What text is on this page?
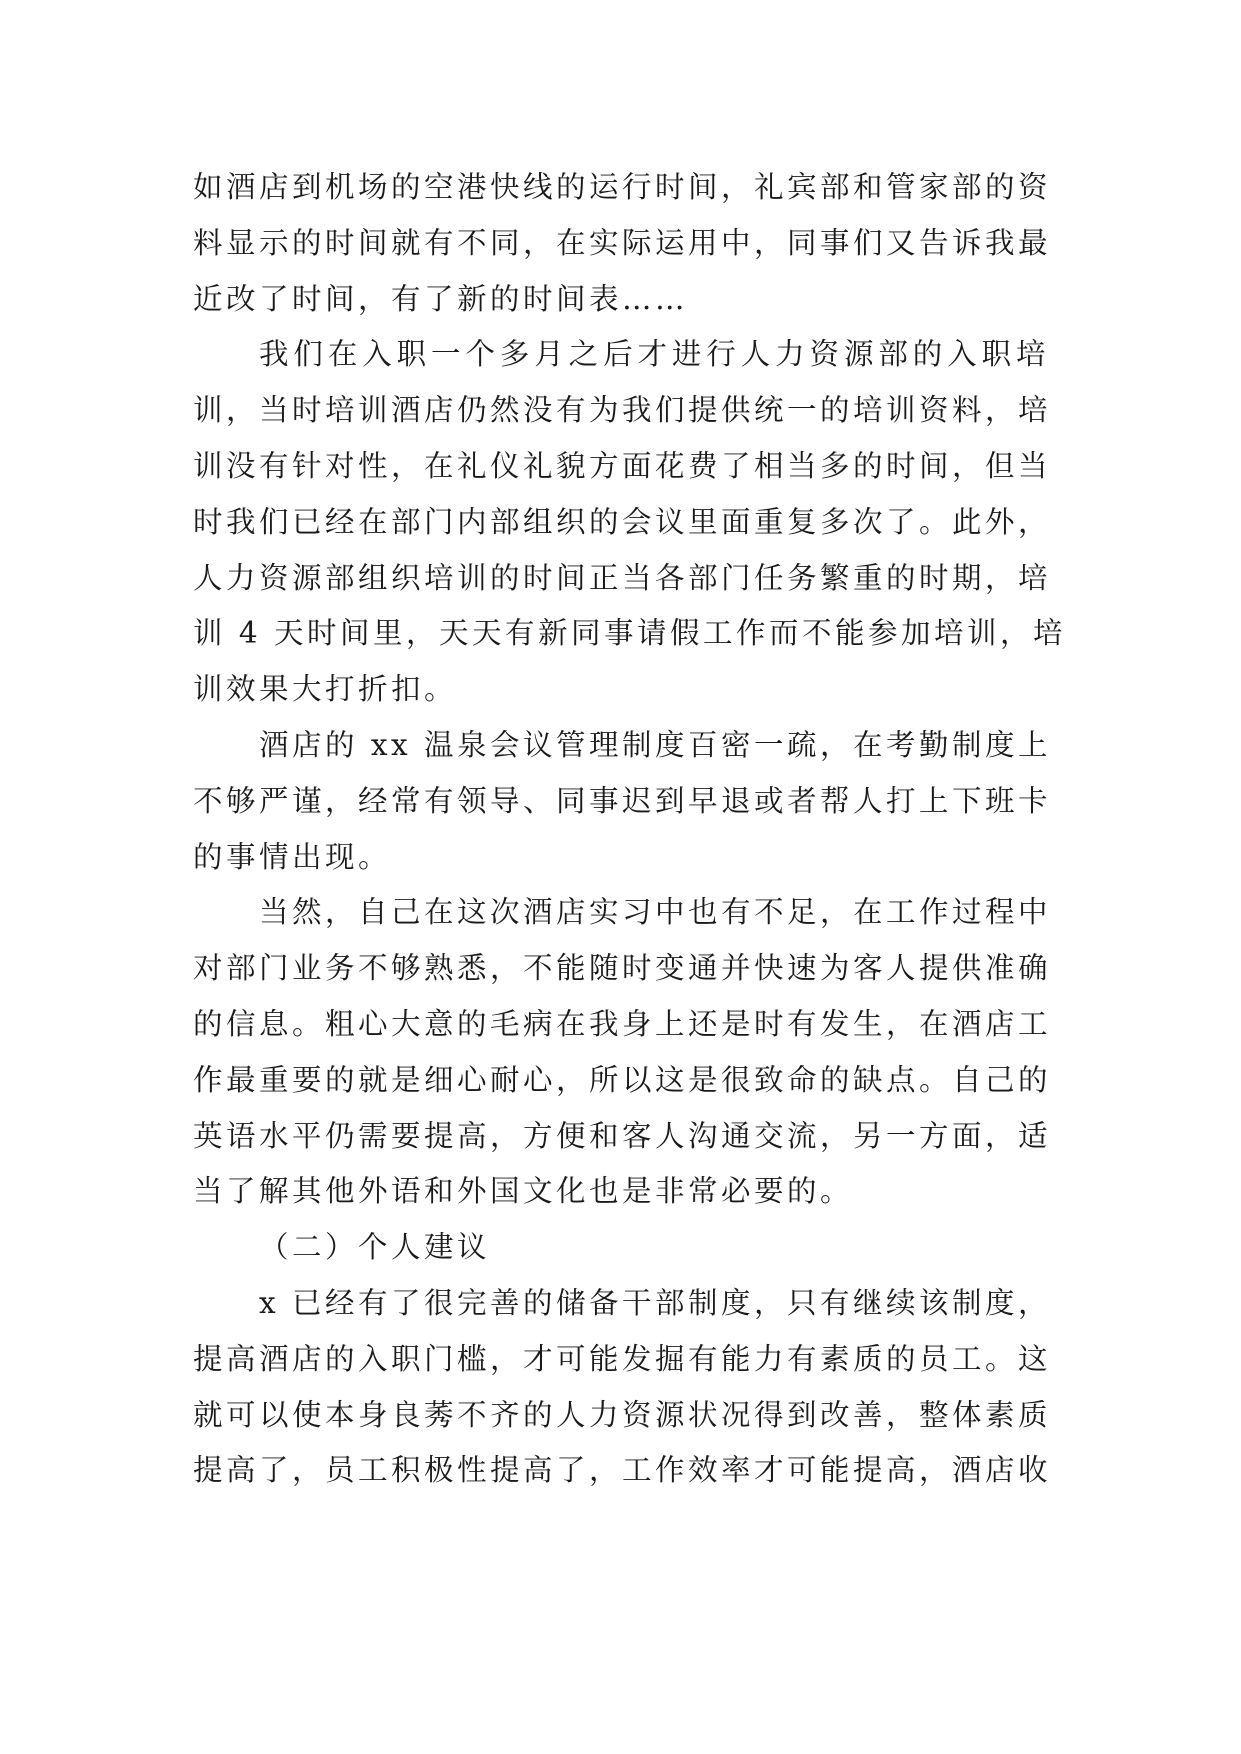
如酒店到机场的空港快线的运行时间，礼宾部和管家部的资
料显示的时间就有不同，在实际运用中，同事们又告诉我最
近改了时间，有了新的时间表……
我们在入职一个多月之后才进行人力资源部的入职培
训，当时培训酒店仍然没有为我们提供统一的培训资料，培
训没有针对性，在礼仪礼貌方面花费了相当多的时间，但当
时我们已经在部门内部组织的会议里面重复多次了。此外，
人力资源部组织培训的时间正当各部门任务繁重的时期，培
训 4 天时间里，天天有新同事请假工作而不能参加培训，培
训效果大打折扣。
酒店的 xx 温泉会议管理制度百密一疏，在考勤制度上
不够严谨，经常有领导、同事迟到早退或者帮人打上下班卡
的事情出现。
当然，自己在这次酒店实习中也有不足，在工作过程中
对部门业务不够熟悉，不能随时变通并快速为客人提供准确
的信息。粗心大意的毛病在我身上还是时有发生，在酒店工
作最重要的就是细心耐心，所以这是很致命的缺点。自己的
英语水平仍需要提高，方便和客人沟通交流，另一方面，适
当了解其他外语和外国文化也是非常必要的。
（二）个人建议
x 已经有了很完善的储备干部制度，只有继续该制度，
提高酒店的入职门槛，才可能发掘有能力有素质的员工。这
就可以使本身良莠不齐的人力资源状况得到改善，整体素质
提高了，员工积极性提高了，工作效率才可能提高，酒店收
